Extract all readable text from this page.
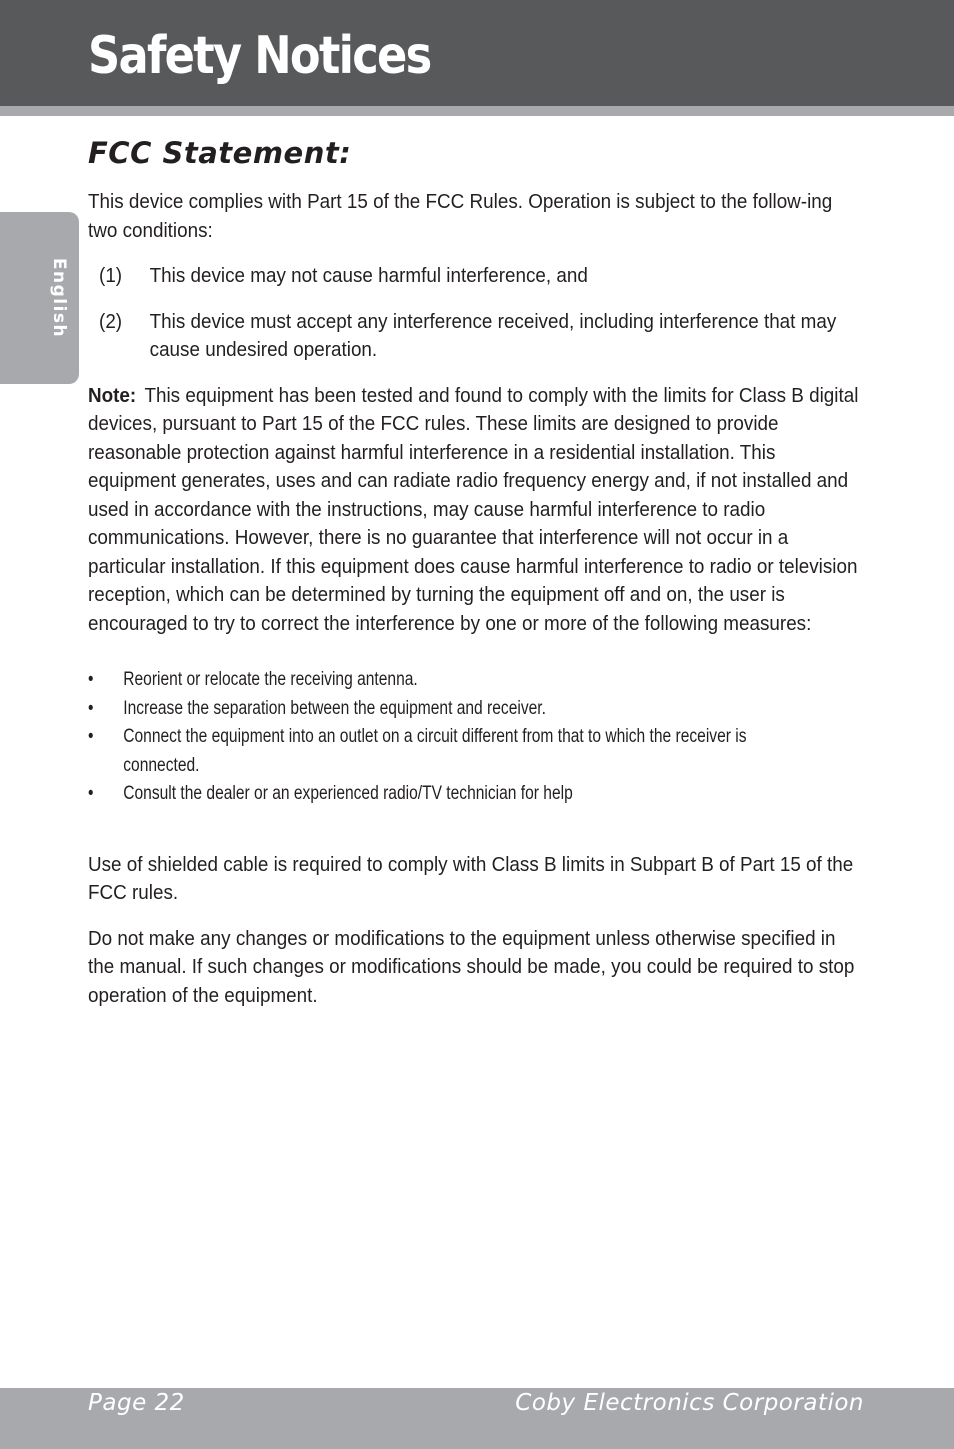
Safety Notices
English
FCC Statement:

This device complies with Part 15 of the FCC Rules. Operation is subject to the follow-ing two conditions:

(1)	This device may not cause harmful interference, and
(2)	This device must accept any interference received, including interference that may cause undesired operation.

Note: This equipment has been tested and found to comply with the limits for Class B digital devices, pursuant to Part 15 of the FCC rules. These limits are designed to provide reasonable protection against harmful interference in a residential installation. This equipment generates, uses and can radiate radio frequency energy and, if not installed and used in accordance with the instructions, may cause harmful interference to radio communications. However, there is no guarantee that interference will not occur in a particular installation. If this equipment does cause harmful interference to radio or television reception, which can be determined by turning the equipment off and on, the user is encouraged to try to correct the interference by one or more of the following measures:

•	Reorient or relocate the receiving antenna.
•	Increase the separation between the equipment and receiver.
•	Connect the equipment into an outlet on a circuit different from that to which the receiver is connected.
•	Consult the dealer or an experienced radio/TV technician for help

Use of shielded cable is required to comply with Class B limits in Subpart B of Part 15 of the FCC rules.

Do not make any changes or modifications to the equipment unless otherwise specified in the manual. If such changes or modifications should be made, you could be required to stop operation of the equipment.

Page 22	Coby Electronics Corporation
